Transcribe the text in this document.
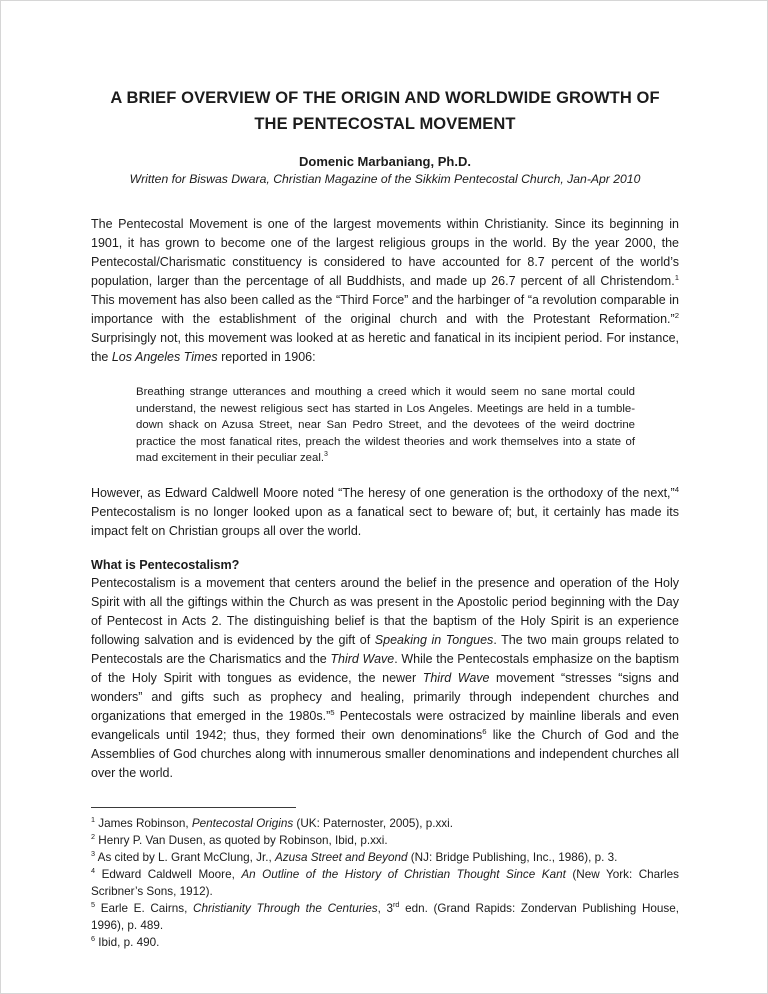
A BRIEF OVERVIEW OF THE ORIGIN AND WORLDWIDE GROWTH OF
THE PENTECOSTAL MOVEMENT
Domenic Marbaniang, Ph.D.
Written for Biswas Dwara, Christian Magazine of the Sikkim Pentecostal Church, Jan-Apr 2010

The Pentecostal Movement is one of the largest movements within Christianity. Since its beginning in 1901, it has grown to become one of the largest religious groups in the world. By the year 2000, the Pentecostal/Charismatic constituency is considered to have accounted for 8.7 percent of the world’s population, larger than the percentage of all Buddhists, and made up 26.7 percent of all Christendom.$^1$ This movement has also been called as the “Third Force” and the harbinger of “a revolution comparable in importance with the establishment of the original church and with the Protestant Reformation.”$^2$ Surprisingly not, this movement was looked at as heretic and fanatical in its incipient period. For instance, the Los Angeles Times reported in 1906:

Breathing strange utterances and mouthing a creed which it would seem no sane mortal could understand, the newest religious sect has started in Los Angeles. Meetings are held in a tumble-down shack on Azusa Street, near San Pedro Street, and the devotees of the weird doctrine practice the most fanatical rites, preach the wildest theories and work themselves into a state of mad excitement in their peculiar zeal.$^3$

However, as Edward Caldwell Moore noted “The heresy of one generation is the orthodoxy of the next,”$^4$ Pentecostalism is no longer looked upon as a fanatical sect to beware of; but, it certainly has made its impact felt on Christian groups all over the world.

What is Pentecostalism?

Pentecostalism is a movement that centers around the belief in the presence and operation of the Holy Spirit with all the giftings within the Church as was present in the Apostolic period beginning with the Day of Pentecost in Acts 2. The distinguishing belief is that the baptism of the Holy Spirit is an experience following salvation and is evidenced by the gift of Speaking in Tongues. The two main groups related to Pentecostals are the Charismatics and the Third Wave. While the Pentecostals emphasize on the baptism of the Holy Spirit with tongues as evidence, the newer Third Wave movement “stresses “signs and wonders” and gifts such as prophecy and healing, primarily through independent churches and organizations that emerged in the 1980s.”$^5$ Pentecostals were ostracized by mainline liberals and even evangelicals until 1942; thus, they formed their own denominations$^6$ like the Church of God and the Assemblies of God churches along with innumerous smaller denominations and independent churches all over the world.

$^1$ James Robinson, Pentecostal Origins (UK: Paternoster, 2005), p.xxi.
$^2$ Henry P. Van Dusen, as quoted by Robinson, Ibid, p.xxi.
$^3$ As cited by L. Grant McClung, Jr., Azusa Street and Beyond (NJ: Bridge Publishing, Inc., 1986), p. 3.
$^4$ Edward Caldwell Moore, An Outline of the History of Christian Thought Since Kant (New York: Charles Scribner’s Sons, 1912).
$^5$ Earle E. Cairns, Christianity Through the Centuries, 3rd edn. (Grand Rapids: Zondervan Publishing House, 1996), p. 489.
$^6$ Ibid, p. 490.
